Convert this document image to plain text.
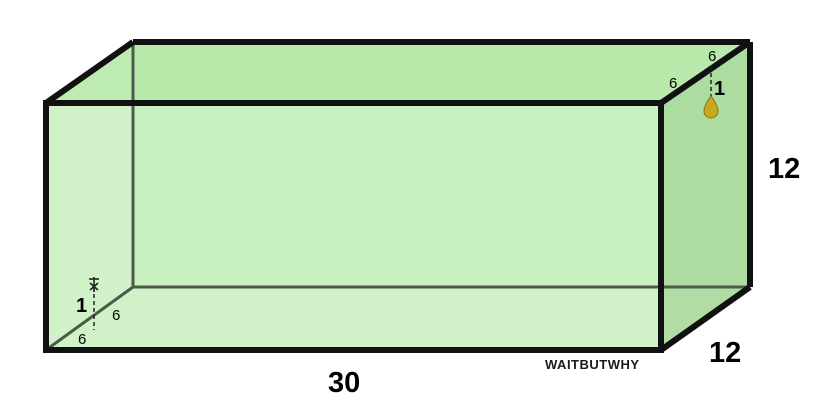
1 6
6
1
6
6
30
12
12
WAITBUTWHY
